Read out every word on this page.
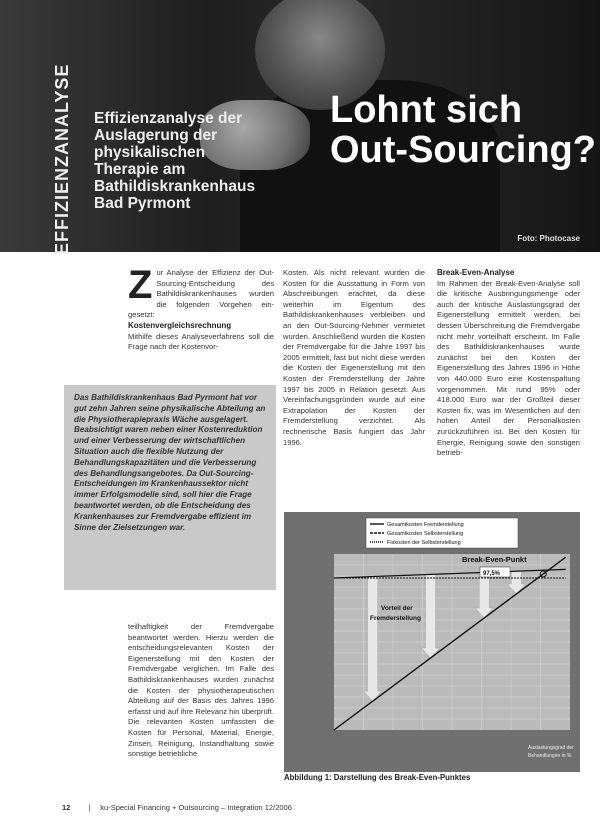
EFFIZIENZANALYSE Effizienzanalyse der
Auslagerung der
physikalischen
Therapie am
Bathildiskrankenhaus
Bad Pyrmont
Lohnt sich
Out-Sourcing?
Foto: Photocase
Z ur Analyse der Effizienz der Out-Sourcing-Entscheidung des Bathildiskrankenhauses wurden die folgenden Vorgehen ein-gesetzt:

Kostenvergleichsrechnung

Mithilfe dieses Analyseverfahrens soll die Frage nach der Kostenvor-

Kosten. Als nicht relevant wurden die Kosten für die Ausstattung in Form von Abschreibungen erachtet, da diese weiterhin im Eigentum des Bathildiskrankenhauses verbleiben und an den Out-Sourcing-Nehmer vermietet wurden. Anschließend wurden die Kosten der Fremdvergabe für die Jahre 1997 bis 2005 ermittelt, fast but nicht diese werden die Kosten der Eigenerstellung mit den Kosten der Fremderstellung der Jahre 1997 bis 2005 in Relation gesetzt. Aus Vereinfachungsgründen wurde auf eine Extrapolation der Kosten der Fremderstellung verzichtet. Als rechnerische Basis fungiert das Jahr 1996.

Break-Even-Analyse

Im Rahmen der Break-Even-Analyse soll die kritische Ausbringungsmenge oder auch der kritische Auslastungsgrad der Eigenerstellung ermittelt werden, bei dessen Überschreitung die Fremdvergabe nicht mehr vorteilhaft erscheint. Im Falle des Bathildiskrankenhauses wurde zunächst bei den Kosten der Eigenerstellung des Jahres 1996 in Höhe von 440.000 Euro eine Kostenspaltung vorgenommen. Mit rund 95% oder 418.000 Euro war der Großteil dieser Kosten fix, was im Wesentlichen auf den hohen Anteil der Personalkosten zurückzuführen ist. Bei den Kosten für Energie, Reinigung sowie den sonstigen betrieb-

Das Bathildiskrankenhaus Bad Pyrmont hat vor gut zehn Jahren seine physikalische Abteilung an die Physiotherapiepraxis Wäche ausgelagert. Beabsichtigt waren neben einer Kostenreduktion und einer Verbesserung der wirtschaftlichen Situation auch die flexible Nutzung der Behandlungskapazitäten und die Verbesserung des Behandlungsangebotes. Da Out-Sourcing-Entscheidungen im Krankenhaussektor nicht immer Erfolgsmodelle sind, soll hier die Frage beantwortet werden, ob die Entscheidung des Krankenhauses zur Fremdvergabe effizient im Sinne der Zielsetzungen war.

teilhaftigkeit der Fremdvergabe beantwortet werden. Hierzu werden die entscheidungsrelevanten Kosten der Eigenerstellung mit den Kosten der Fremdvergabe verglichen. Im Falle des Bathildiskrankenhauses wurden zunächst die Kosten der physiotherapeutischen Abteilung auf der Basis des Jahres 1996 erfasst und auf ihre Relevanz hin überprüft. Die relevanten Kosten umfassten die Kosten für Personal, Material, Energie, Zinsen, Reinigung, Instandhaltung sowie sonstige betriebliche

Gesamtkosten Fremderstellung
Gesamtkosten Selbsterstellung
Fixkosten der Selbsterstellung
Break-Even-Punkt
97,5%
Vorteil der
Fremderstellung
Auslastungsgrad der
Behandlungen in %
Abbildung 1: Darstellung des Break-Even-Punktes
12 | ku-Special Financing + Outsourcing – Integration 12/2006
